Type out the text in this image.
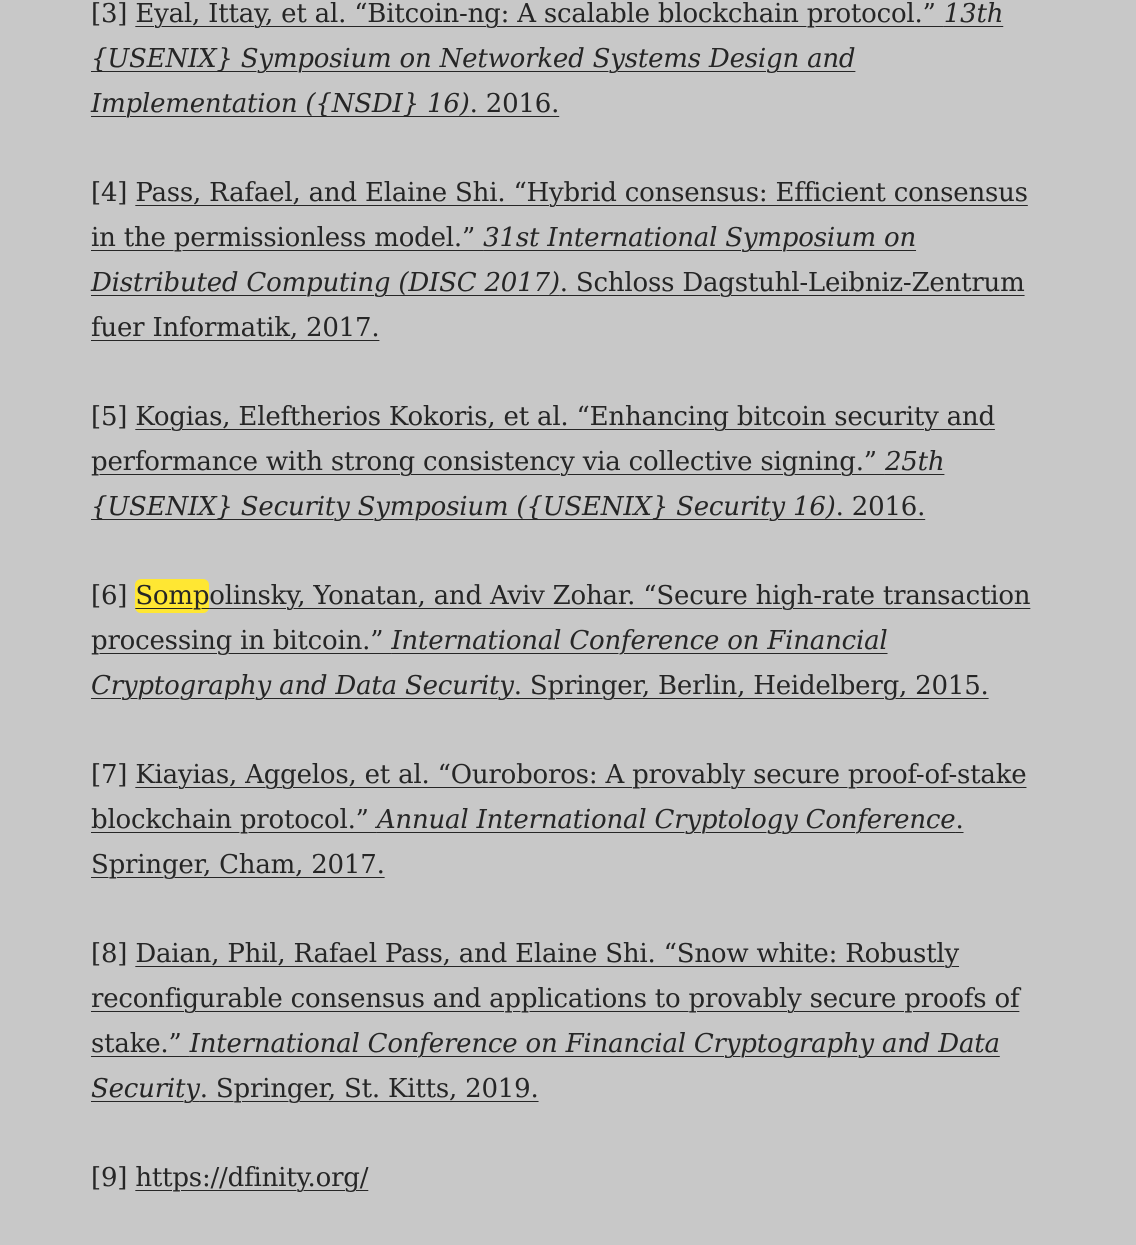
[3] Eyal, Ittay, et al. “Bitcoin-ng: A scalable blockchain protocol.” 13th {USENIX} Symposium on Networked Systems Design and Implementation ({NSDI} 16). 2016.

[4] Pass, Rafael, and Elaine Shi. “Hybrid consensus: Efficient consensus in the permissionless model.” 31st International Symposium on Distributed Computing (DISC 2017). Schloss Dagstuhl-Leibniz-Zentrum fuer Informatik, 2017.

[5] Kogias, Eleftherios Kokoris, et al. “Enhancing bitcoin security and performance with strong consistency via collective signing.” 25th {USENIX} Security Symposium ({USENIX} Security 16). 2016.

[6] Sompolinsky, Yonatan, and Aviv Zohar. “Secure high-rate transaction processing in bitcoin.” International Conference on Financial Cryptography and Data Security. Springer, Berlin, Heidelberg, 2015.

[7] Kiayias, Aggelos, et al. “Ouroboros: A provably secure proof-of-stake blockchain protocol.” Annual International Cryptology Conference. Springer, Cham, 2017.

[8] Daian, Phil, Rafael Pass, and Elaine Shi. “Snow white: Robustly reconfigurable consensus and applications to provably secure proofs of stake.” International Conference on Financial Cryptography and Data Security. Springer, St. Kitts, 2019.

[9] https://dfinity.org/
